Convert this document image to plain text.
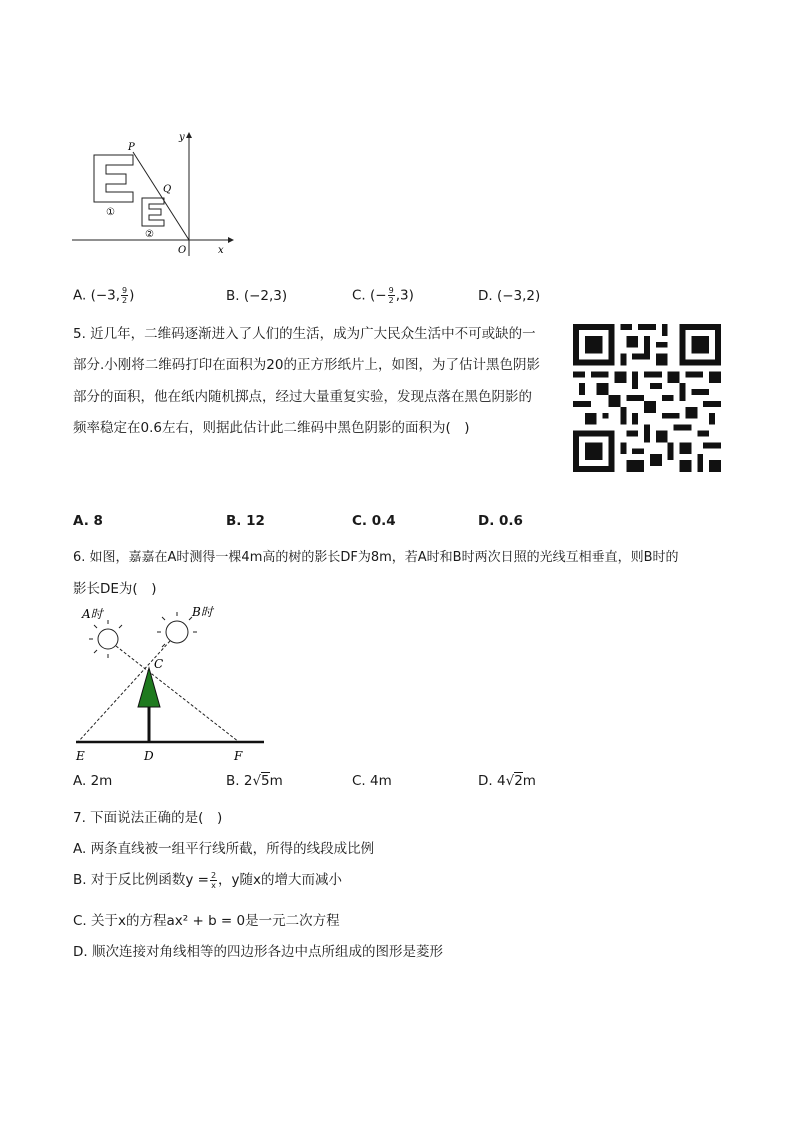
y
x
O
P
Q
①
②
A. (−3, $\frac{9}{2}$ )	B. (−2,3)	C. (− $\frac{9}{2} ,3$)	D. (−3,2)
5. 近几年，二维码逐渐进入了人们的生活，成为广大民众生活中不可或缺的一
部分.小刚将二维码打印在面积为20的正方形纸片上，如图，为了估计黑色阴影
部分的面积，他在纸内随机掷点，经过大量重复实验，发现点落在黑色阴影的
频率稳定在0.6左右，则据此估计此二维码中黑色阴影的面积为(　)
A. 8	B. 12	C. 0.4	D. 0.6
6. 如图，嘉嘉在A时测得一棵4m高的树的影长DF为8m，若A时和B时两次日照的光线互相垂直，则B时的
影长DE为(　)
A时	B时
C
E	D	F
A. 2m	B. 2√5m	C. 4m	D. 4√2m
7. 下面说法正确的是(　)
A. 两条直线被一组平行线所截，所得的线段成比例
B. 对于反比例函数$y = \frac{2}{x}$ ，y随x的增大而减小
C. 关于x的方程ax² + b = 0是一元二次方程
D. 顺次连接对角线相等的四边形各边中点所组成的图形是菱形
